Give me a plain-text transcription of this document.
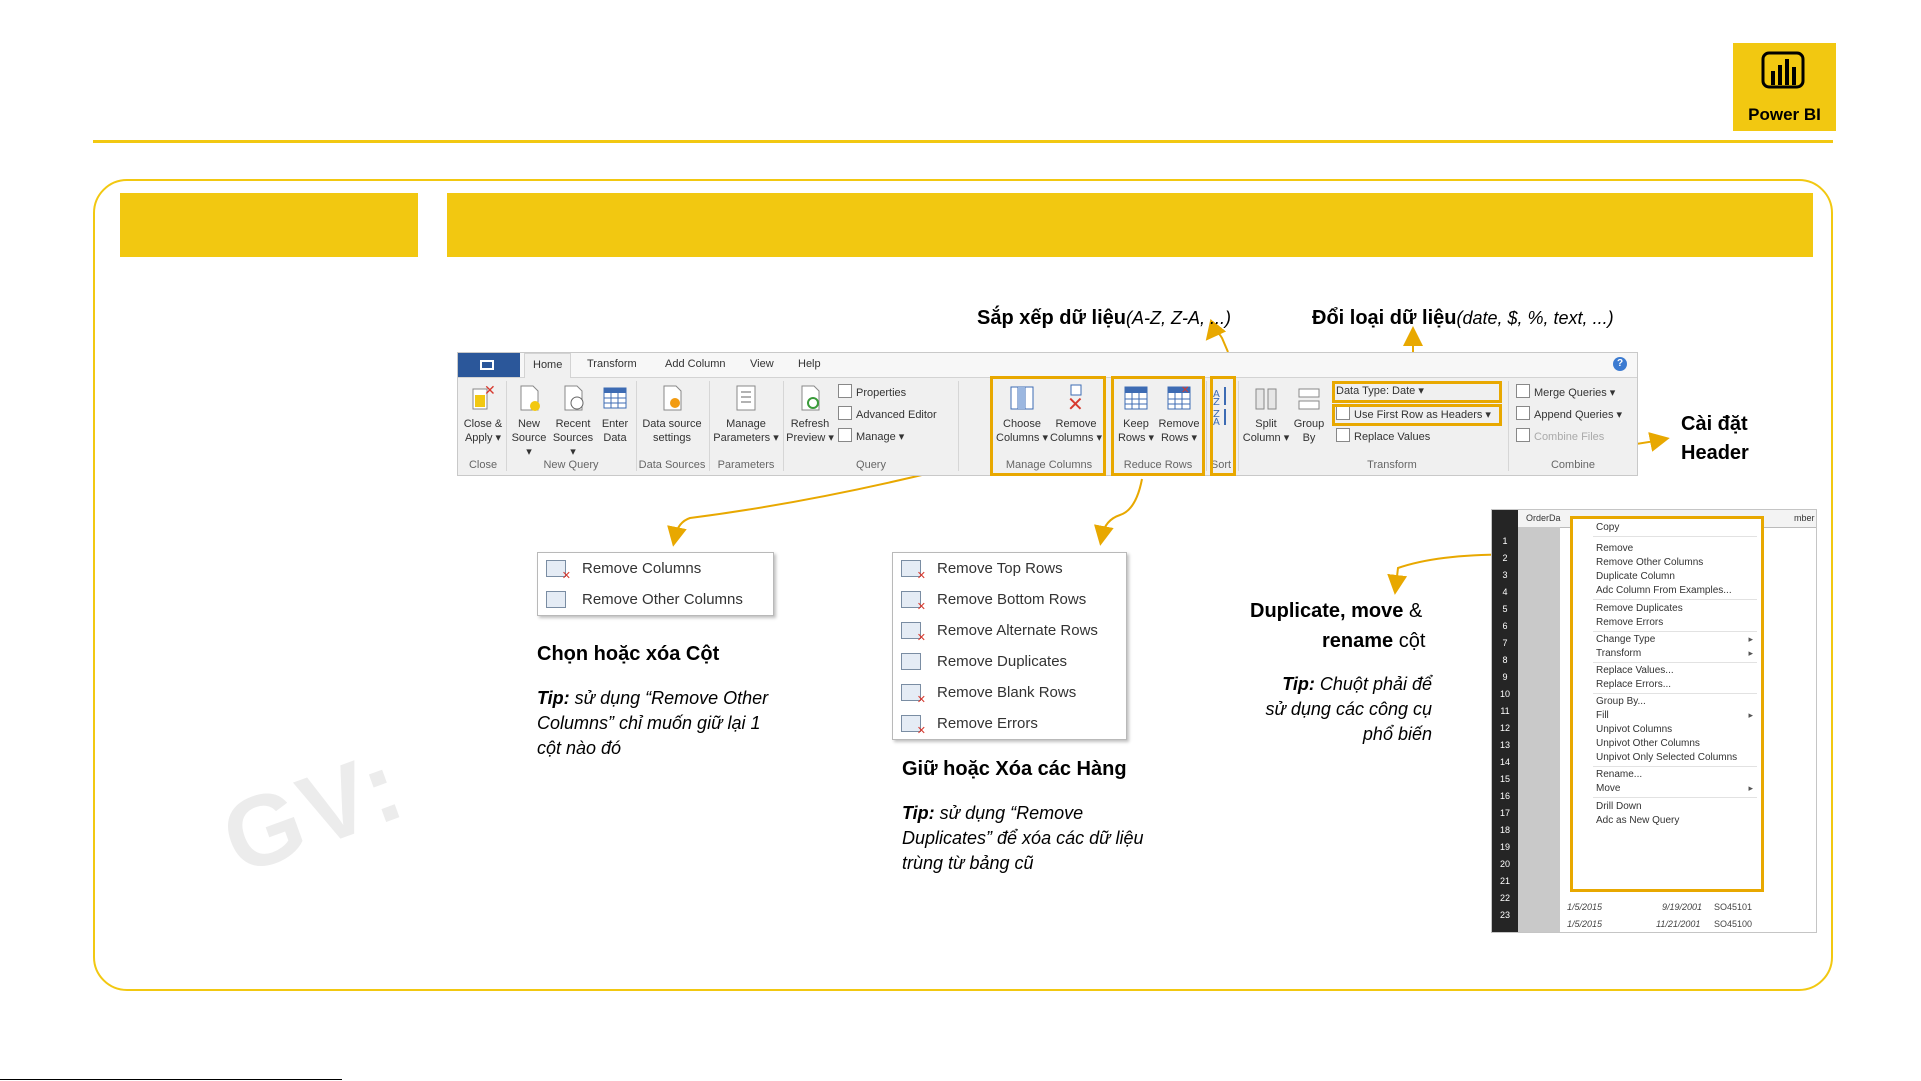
Power BI
GV:
Sắp xếp dữ liệu(A-Z, Z-A, ...)	Đổi loại dữ liệu(date, $, %, text, ...)
Cài đặt
Header
Home	Transform	Add Column View Help	?
✕
Close &
Apply ▾
New
Source ▾
Recent
Sources ▾
Enter
Data
Close	New Query
Data source
settings
Data Sources
Manage
Parameters ▾
Parameters
Refresh
Preview ▾
Properties
Advanced Editor
Manage ▾
Query
Choose
Columns ▾
✕
Remove
Columns ▾
Manage Columns
Keep
Rows ▾
✕
Remove
Rows ▾
Reduce Rows
A
Z
Z
A
Sort
Split
Column ▾
Group
By
Data Type: Date ▾
Use First Row as Headers ▾
Replace Values
Transform
Merge Queries ▾
Append Queries ▾
Combine Files
Combine
✕
Remove Columns
Remove Other Columns
Chọn hoặc xóa Cột
Tip: sử dụng “Remove Other
Columns” chỉ muốn giữ lại 1
cột nào đó
✕
Remove Top Rows
✕
Remove Bottom Rows
✕
Remove Alternate Rows
Remove Duplicates
✕
Remove Blank Rows
✕
Remove Errors
Giữ hoặc Xóa các Hàng
Tip: sử dụng “Remove
Duplicates” để xóa các dữ liệu
trùng từ bảng cũ
Duplicate, move &
rename cột
Tip: Chuột phải để
sử dụng các công cụ
phổ biến
OrderDa	mber
1
2
3
4
5
6
7
8
9
10
11
12
13
14
15
16
17
18
19
20
21
22
23
1/5/2015	9/19/2001 SO45101
1/5/2015	11/21/2001 SO45100
Copy
Remove
Remove Other Columns
Duplicate Column
Adc Column From Examples...
Remove Duplicates
Remove Errors
Change Type	▸
Transform	▸
Replace Values...
Replace Errors...
Group By...
Fill	▸
Unpivot Columns
Unpivot Other Columns
Unpivot Only Selected Columns
Rename...
Move	▸
Drill Down
Adc as New Query
